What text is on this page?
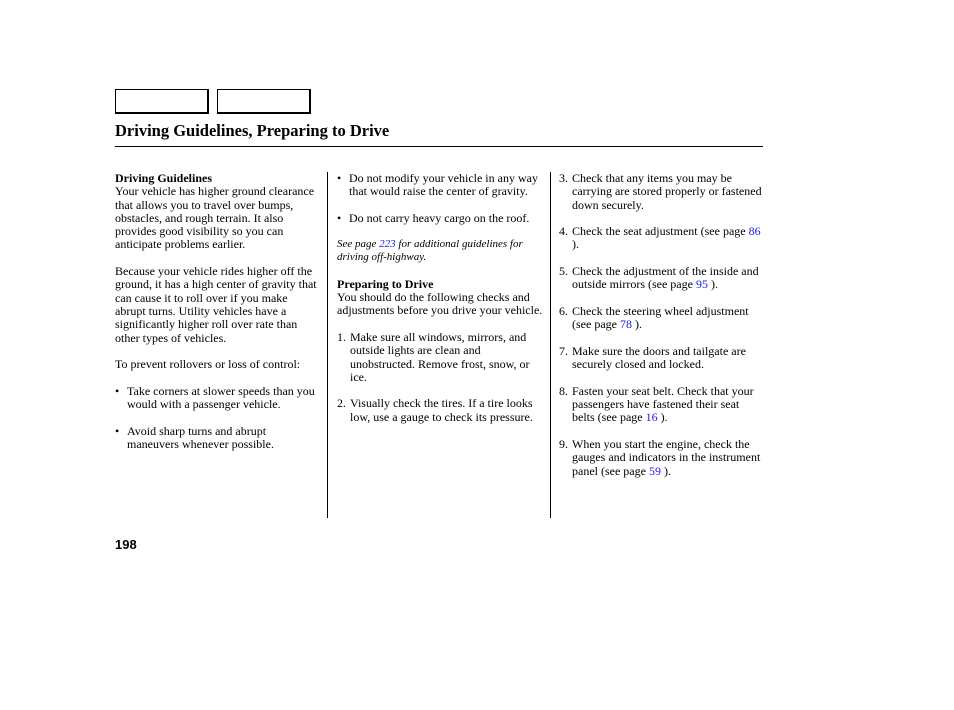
Driving Guidelines, Preparing to Drive
Driving Guidelines

Your vehicle has higher ground clearance that allows you to travel over bumps, obstacles, and rough terrain. It also provides good visibility so you can anticipate problems earlier.

Because your vehicle rides higher off the ground, it has a high center of gravity that can cause it to roll over if you make abrupt turns. Utility vehicles have a significantly higher roll over rate than other types of vehicles.

To prevent rollovers or loss of control:

• Take corners at slower speeds than you would with a passenger vehicle.
• Avoid sharp turns and abrupt maneuvers whenever possible.
• Do not modify your vehicle in any way that would raise the center of gravity.
• Do not carry heavy cargo on the roof.

See page 223 for additional guidelines for driving off-highway.

Preparing to Drive

You should do the following checks and adjustments before you drive your vehicle.

1. Make sure all windows, mirrors, and outside lights are clean and unobstructed. Remove frost, snow, or ice.
2. Visually check the tires. If a tire looks low, use a gauge to check its pressure.
3. Check that any items you may be carrying are stored properly or fastened down securely.
4. Check the seat adjustment (see page 86 ).
5. Check the adjustment of the inside and outside mirrors (see page 95 ).
6. Check the steering wheel adjustment (see page 78 ).
7. Make sure the doors and tailgate are securely closed and locked.
8. Fasten your seat belt. Check that your passengers have fastened their seat belts (see page 16 ).
9. When you start the engine, check the gauges and indicators in the instrument panel (see page 59 ).
198
